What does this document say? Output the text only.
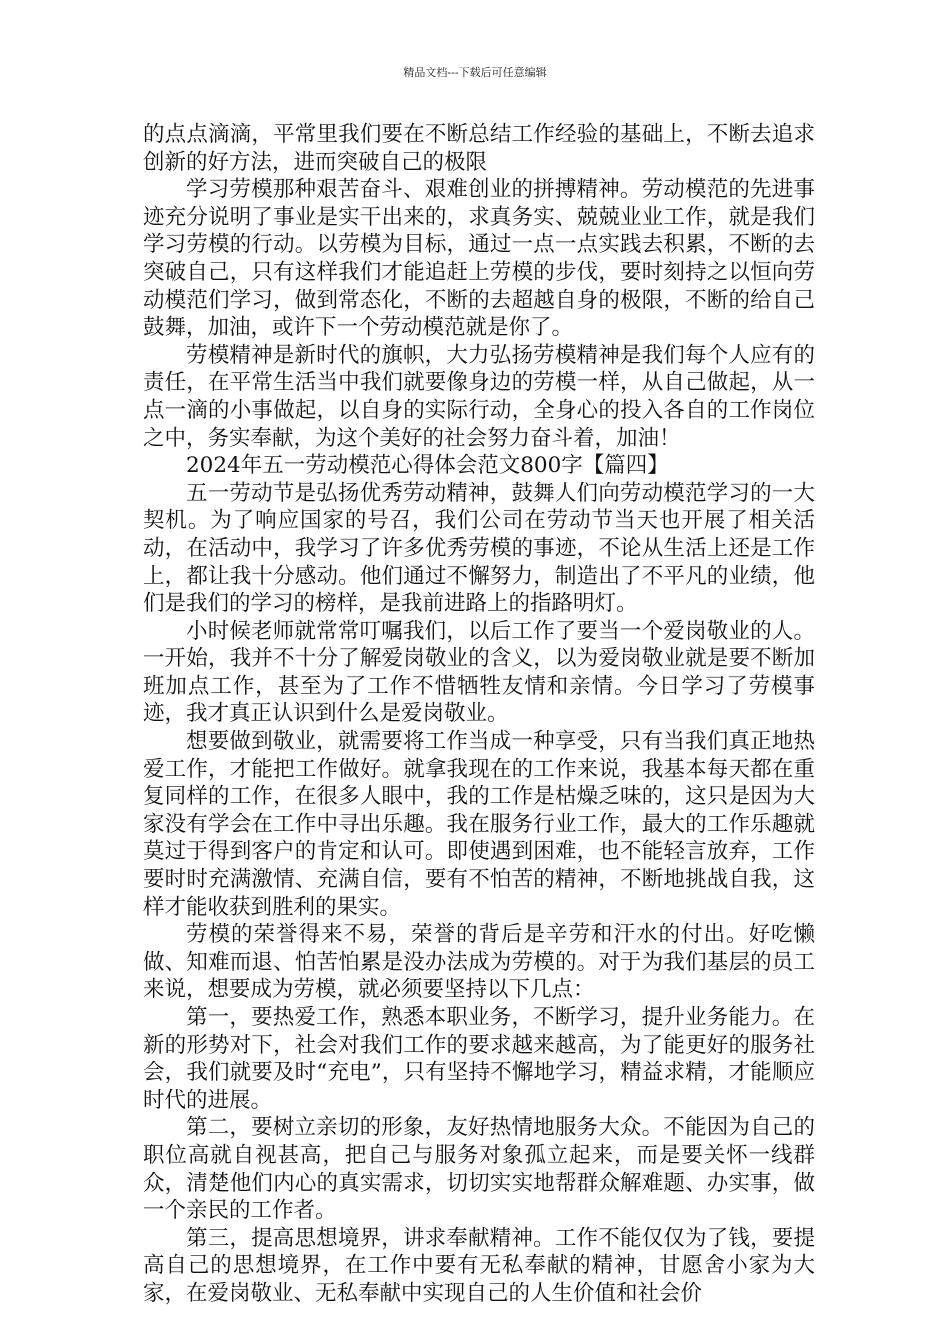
精品文档---下载后可任意编辑

的点点滴滴，平常里我们要在不断总结工作经验的基础上，不断去追求创新的好方法，进而突破自己的极限

学习劳模那种艰苦奋斗、艰难创业的拼搏精神。劳动模范的先进事迹充分说明了事业是实干出来的，求真务实、兢兢业业工作，就是我们学习劳模的行动。以劳模为目标，通过一点一点实践去积累，不断的去突破自己，只有这样我们才能追赶上劳模的步伐，要时刻持之以恒向劳动模范们学习，做到常态化，不断的去超越自身的极限，不断的给自己鼓舞，加油，或许下一个劳动模范就是你了。

劳模精神是新时代的旗帜，大力弘扬劳模精神是我们每个人应有的责任，在平常生活当中我们就要像身边的劳模一样，从自己做起，从一点一滴的小事做起，以自身的实际行动，全身心的投入各自的工作岗位之中，务实奉献，为这个美好的社会努力奋斗着，加油！

2024年五一劳动模范心得体会范文800字【篇四】

五一劳动节是弘扬优秀劳动精神，鼓舞人们向劳动模范学习的一大契机。为了响应国家的号召，我们公司在劳动节当天也开展了相关活动，在活动中，我学习了许多优秀劳模的事迹，不论从生活上还是工作上，都让我十分感动。他们通过不懈努力，制造出了不平凡的业绩，他们是我们的学习的榜样，是我前进路上的指路明灯。

小时候老师就常常叮嘱我们，以后工作了要当一个爱岗敬业的人。一开始，我并不十分了解爱岗敬业的含义，以为爱岗敬业就是要不断加班加点工作，甚至为了工作不惜牺牲友情和亲情。今日学习了劳模事迹，我才真正认识到什么是爱岗敬业。

想要做到敬业，就需要将工作当成一种享受，只有当我们真正地热爱工作，才能把工作做好。就拿我现在的工作来说，我基本每天都在重复同样的工作，在很多人眼中，我的工作是枯燥乏味的，这只是因为大家没有学会在工作中寻出乐趣。我在服务行业工作，最大的工作乐趣就莫过于得到客户的肯定和认可。即使遇到困难，也不能轻言放弃，工作要时时充满激情、充满自信，要有不怕苦的精神，不断地挑战自我，这样才能收获到胜利的果实。

劳模的荣誉得来不易，荣誉的背后是辛劳和汗水的付出。好吃懒做、知难而退、怕苦怕累是没办法成为劳模的。对于为我们基层的员工来说，想要成为劳模，就必须要坚持以下几点：

第一，要热爱工作，熟悉本职业务，不断学习，提升业务能力。在新的形势对下，社会对我们工作的要求越来越高，为了能更好的服务社会，我们就要及时“充电”，只有坚持不懈地学习，精益求精，才能顺应时代的进展。

第二，要树立亲切的形象，友好热情地服务大众。不能因为自己的职位高就自视甚高，把自己与服务对象孤立起来，而是要关怀一线群众，清楚他们内心的真实需求，切切实实地帮群众解难题、办实事，做一个亲民的工作者。

第三，提高思想境界，讲求奉献精神。工作不能仅仅为了钱，要提高自己的思想境界，在工作中要有无私奉献的精神，甘愿舍小家为大家，在爱岗敬业、无私奉献中实现自己的人生价值和社会价
